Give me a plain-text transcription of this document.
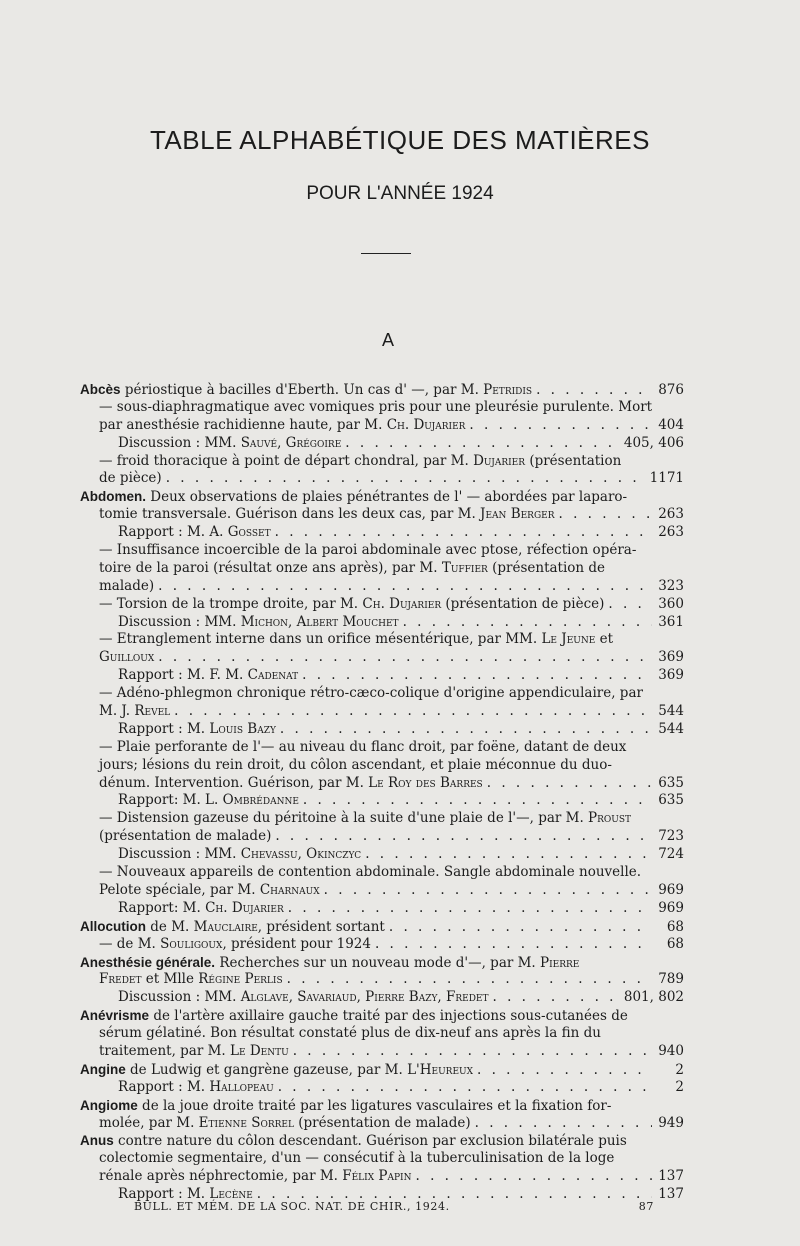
TABLE ALPHABÉTIQUE DES MATIÈRES
POUR L'ANNÉE 1924
A
Abcès périostique à bacilles d'Eberth. Un cas d' —, par M. Petridis . . .	876
— sous-diaphragmatique avec vomiques pris pour une pleurésie purulente. Mort
par anesthésie rachidienne haute, par M. Ch. Dujarier . . .	404
Discussion : MM. Sauvé, Grégoire . . .	405, 406
— froid thoracique à point de départ chondral, par M. Dujarier (présentation
de pièce) . . .	1171
Abdomen. Deux observations de plaies pénétrantes de l' — abordées par laparo-
tomie transversale. Guérison dans les deux cas, par M. Jean Berger . . .	263
Rapport : M. A. Gosset . . .	263
— Insuffisance incoercible de la paroi abdominale avec ptose, réfection opéra-
toire de la paroi (résultat onze ans après), par M. Tuffier (présentation de
malade) . . .	323
— Torsion de la trompe droite, par M. Ch. Dujarier (présentation de pièce) . . .	360
Discussion : MM. Michon, Albert Mouchet . . .	361
— Etranglement interne dans un orifice mésentérique, par MM. Le Jeune et
Guilloux . . .	369
Rapport : M. F. M. Cadenat . . .	369
— Adéno-phlegmon chronique rétro-cæco-colique d'origine appendiculaire, par
M. J. Revel . . .	544
Rapport : M. Louis Bazy . . .	544
— Plaie perforante de l'— au niveau du flanc droit, par foëne, datant de deux
jours; lésions du rein droit, du côlon ascendant, et plaie méconnue du duo-
dénum. Intervention. Guérison, par M. Le Roy des Barres . . .	635
Rapport: M. L. Ombrédanne . . .	635
— Distension gazeuse du péritoine à la suite d'une plaie de l'—, par M. Proust
(présentation de malade) . . .	723
Discussion : MM. Chevassu, Okinczyc . . .	724
— Nouveaux appareils de contention abdominale. Sangle abdominale nouvelle.
Pelote spéciale, par M. Charnaux . . .	969
Rapport: M. Ch. Dujarier . . .	969
Allocution de M. Mauclaire, président sortant . . .	68
— de M. Souligoux, président pour 1924 . . .	68
Anesthésie générale. Recherches sur un nouveau mode d'—, par M. Pierre
Fredet et Mlle Régine Perlis . . .	789
Discussion : MM. Alglave, Savariaud, Pierre Bazy, Fredet . . .	801, 802
Anévrisme de l'artère axillaire gauche traité par des injections sous-cutanées de
sérum gélatiné. Bon résultat constaté plus de dix-neuf ans après la fin du
traitement, par M. Le Dentu . . .	940
Angine de Ludwig et gangrène gazeuse, par M. L'Heureux . . .	2
Rapport : M. Hallopeau . . .	2
Angiome de la joue droite traité par les ligatures vasculaires et la fixation for-
molée, par M. Etienne Sorrel (présentation de malade) . . .	949
Anus contre nature du côlon descendant. Guérison par exclusion bilatérale puis
colectomie segmentaire, d'un — consécutif à la tuberculinisation de la loge
rénale après néphrectomie, par M. Félix Papin . . .	137
Rapport : M. Lecène . . .	137
BULL. ET MÉM. DE LA SOC. NAT. DE CHIR., 1924.	87
